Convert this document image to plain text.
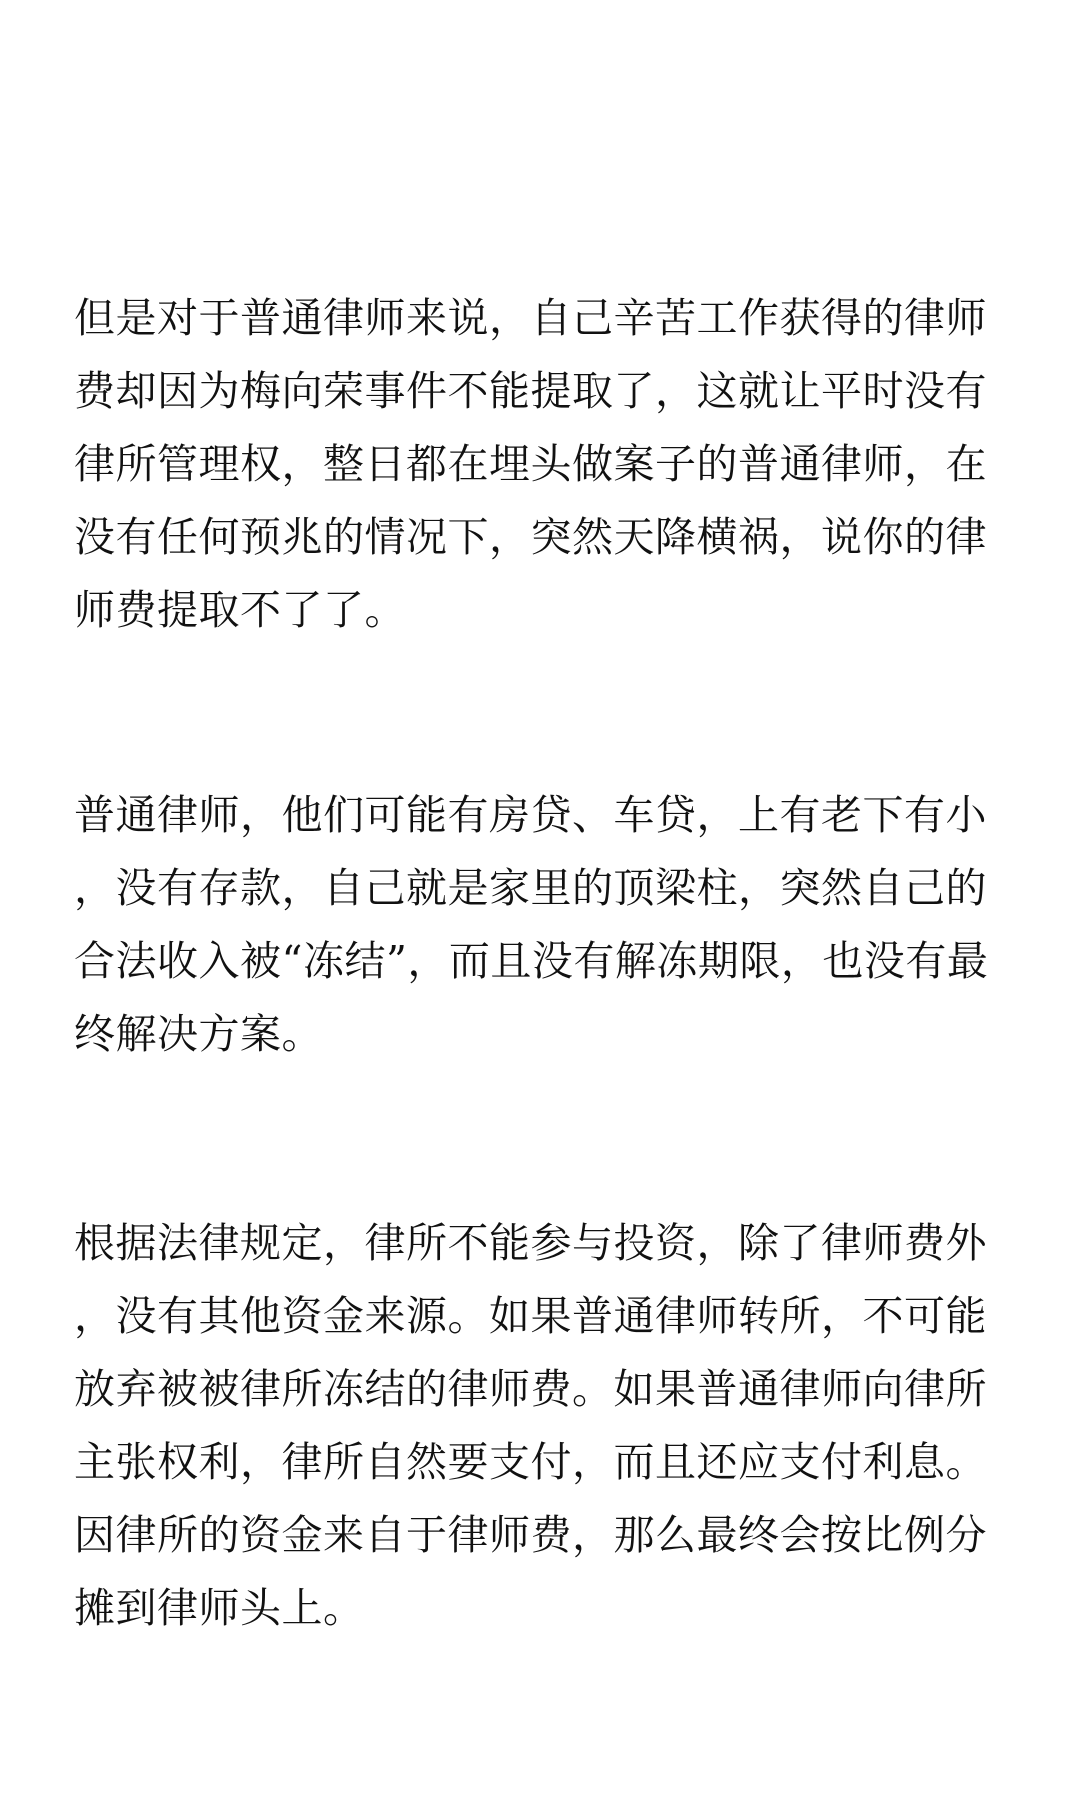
但是对于普通律师来说，自己辛苦工作获得的律师费却因为梅向荣事件不能提取了，这就让平时没有律所管理权，整日都在埋头做案子的普通律师，在没有任何预兆的情况下，突然天降横祸，说你的律师费提取不了了。

普通律师，他们可能有房贷、车贷，上有老下有小，没有存款，自己就是家里的顶梁柱，突然自己的合法收入被“冻结”，而且没有解冻期限，也没有最终解决方案。

根据法律规定，律所不能参与投资，除了律师费外，没有其他资金来源。如果普通律师转所，不可能放弃被被律所冻结的律师费。如果普通律师向律所主张权利，律所自然要支付，而且还应支付利息。因律所的资金来自于律师费，那么最终会按比例分摊到律师头上。
